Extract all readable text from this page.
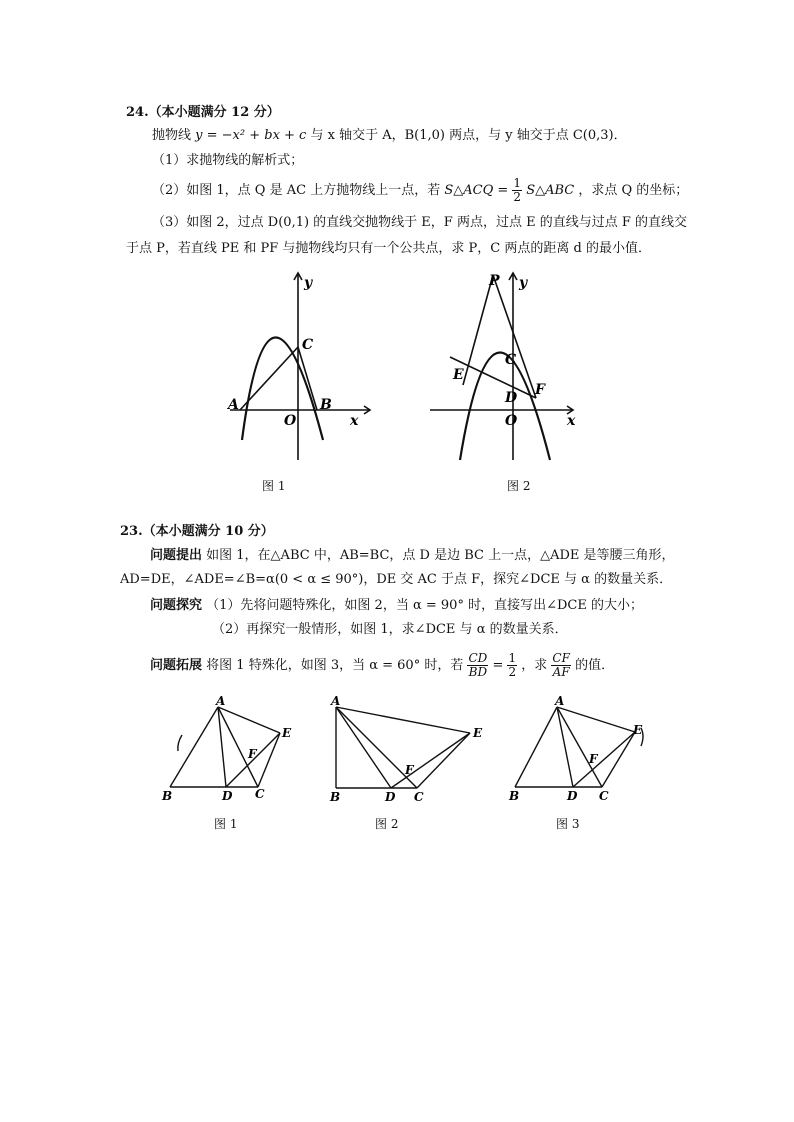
24.（本小题满分 12 分）
抛物线 y = −x² + bx + c 与 x 轴交于 A，B(1,0) 两点，与 y 轴交于点 C(0,3)．
（1）求抛物线的解析式；
（2）如图 1，点 Q 是 AC 上方抛物线上一点，若 S△ACQ = $\frac{1}{2}$ S△ABC ，求点 Q 的坐标；
（3）如图 2，过点 D(0,1) 的直线交抛物线于 E，F 两点，过点 E 的直线与过点 F 的直线交
于点 P，若直线 PE 和 PF 与抛物线均只有一个公共点，求 P，C 两点的距离 d 的最小值．
y
C
A	B
O	x
图 1
P y
C
E
D F
O	x
图 2
23.（本小题满分 10 分）
问题提出 如图 1，在△ABC 中，AB=BC，点 D 是边 BC 上一点，△ADE 是等腰三角形，
AD=DE，∠ADE=∠B=α(0 < α ≤ 90°)，DE 交 AC 于点 F，探究∠DCE 与 α 的数量关系．
问题探究 （1）先将问题特殊化，如图 2，当 α = 90° 时，直接写出∠DCE 的大小；
（2）再探究一般情形，如图 1，求∠DCE 与 α 的数量关系．
问题拓展 将图 1 特殊化，如图 3，当 α = 60° 时，若 $\frac{CD}{BD} = \frac{1}{2}$ ，求 $\frac{CF}{AF}$ 的值．
A
E
F
B	D C
图 1
A
E
F
B	D C
图 2
A
E
F
B	D C
图 3
